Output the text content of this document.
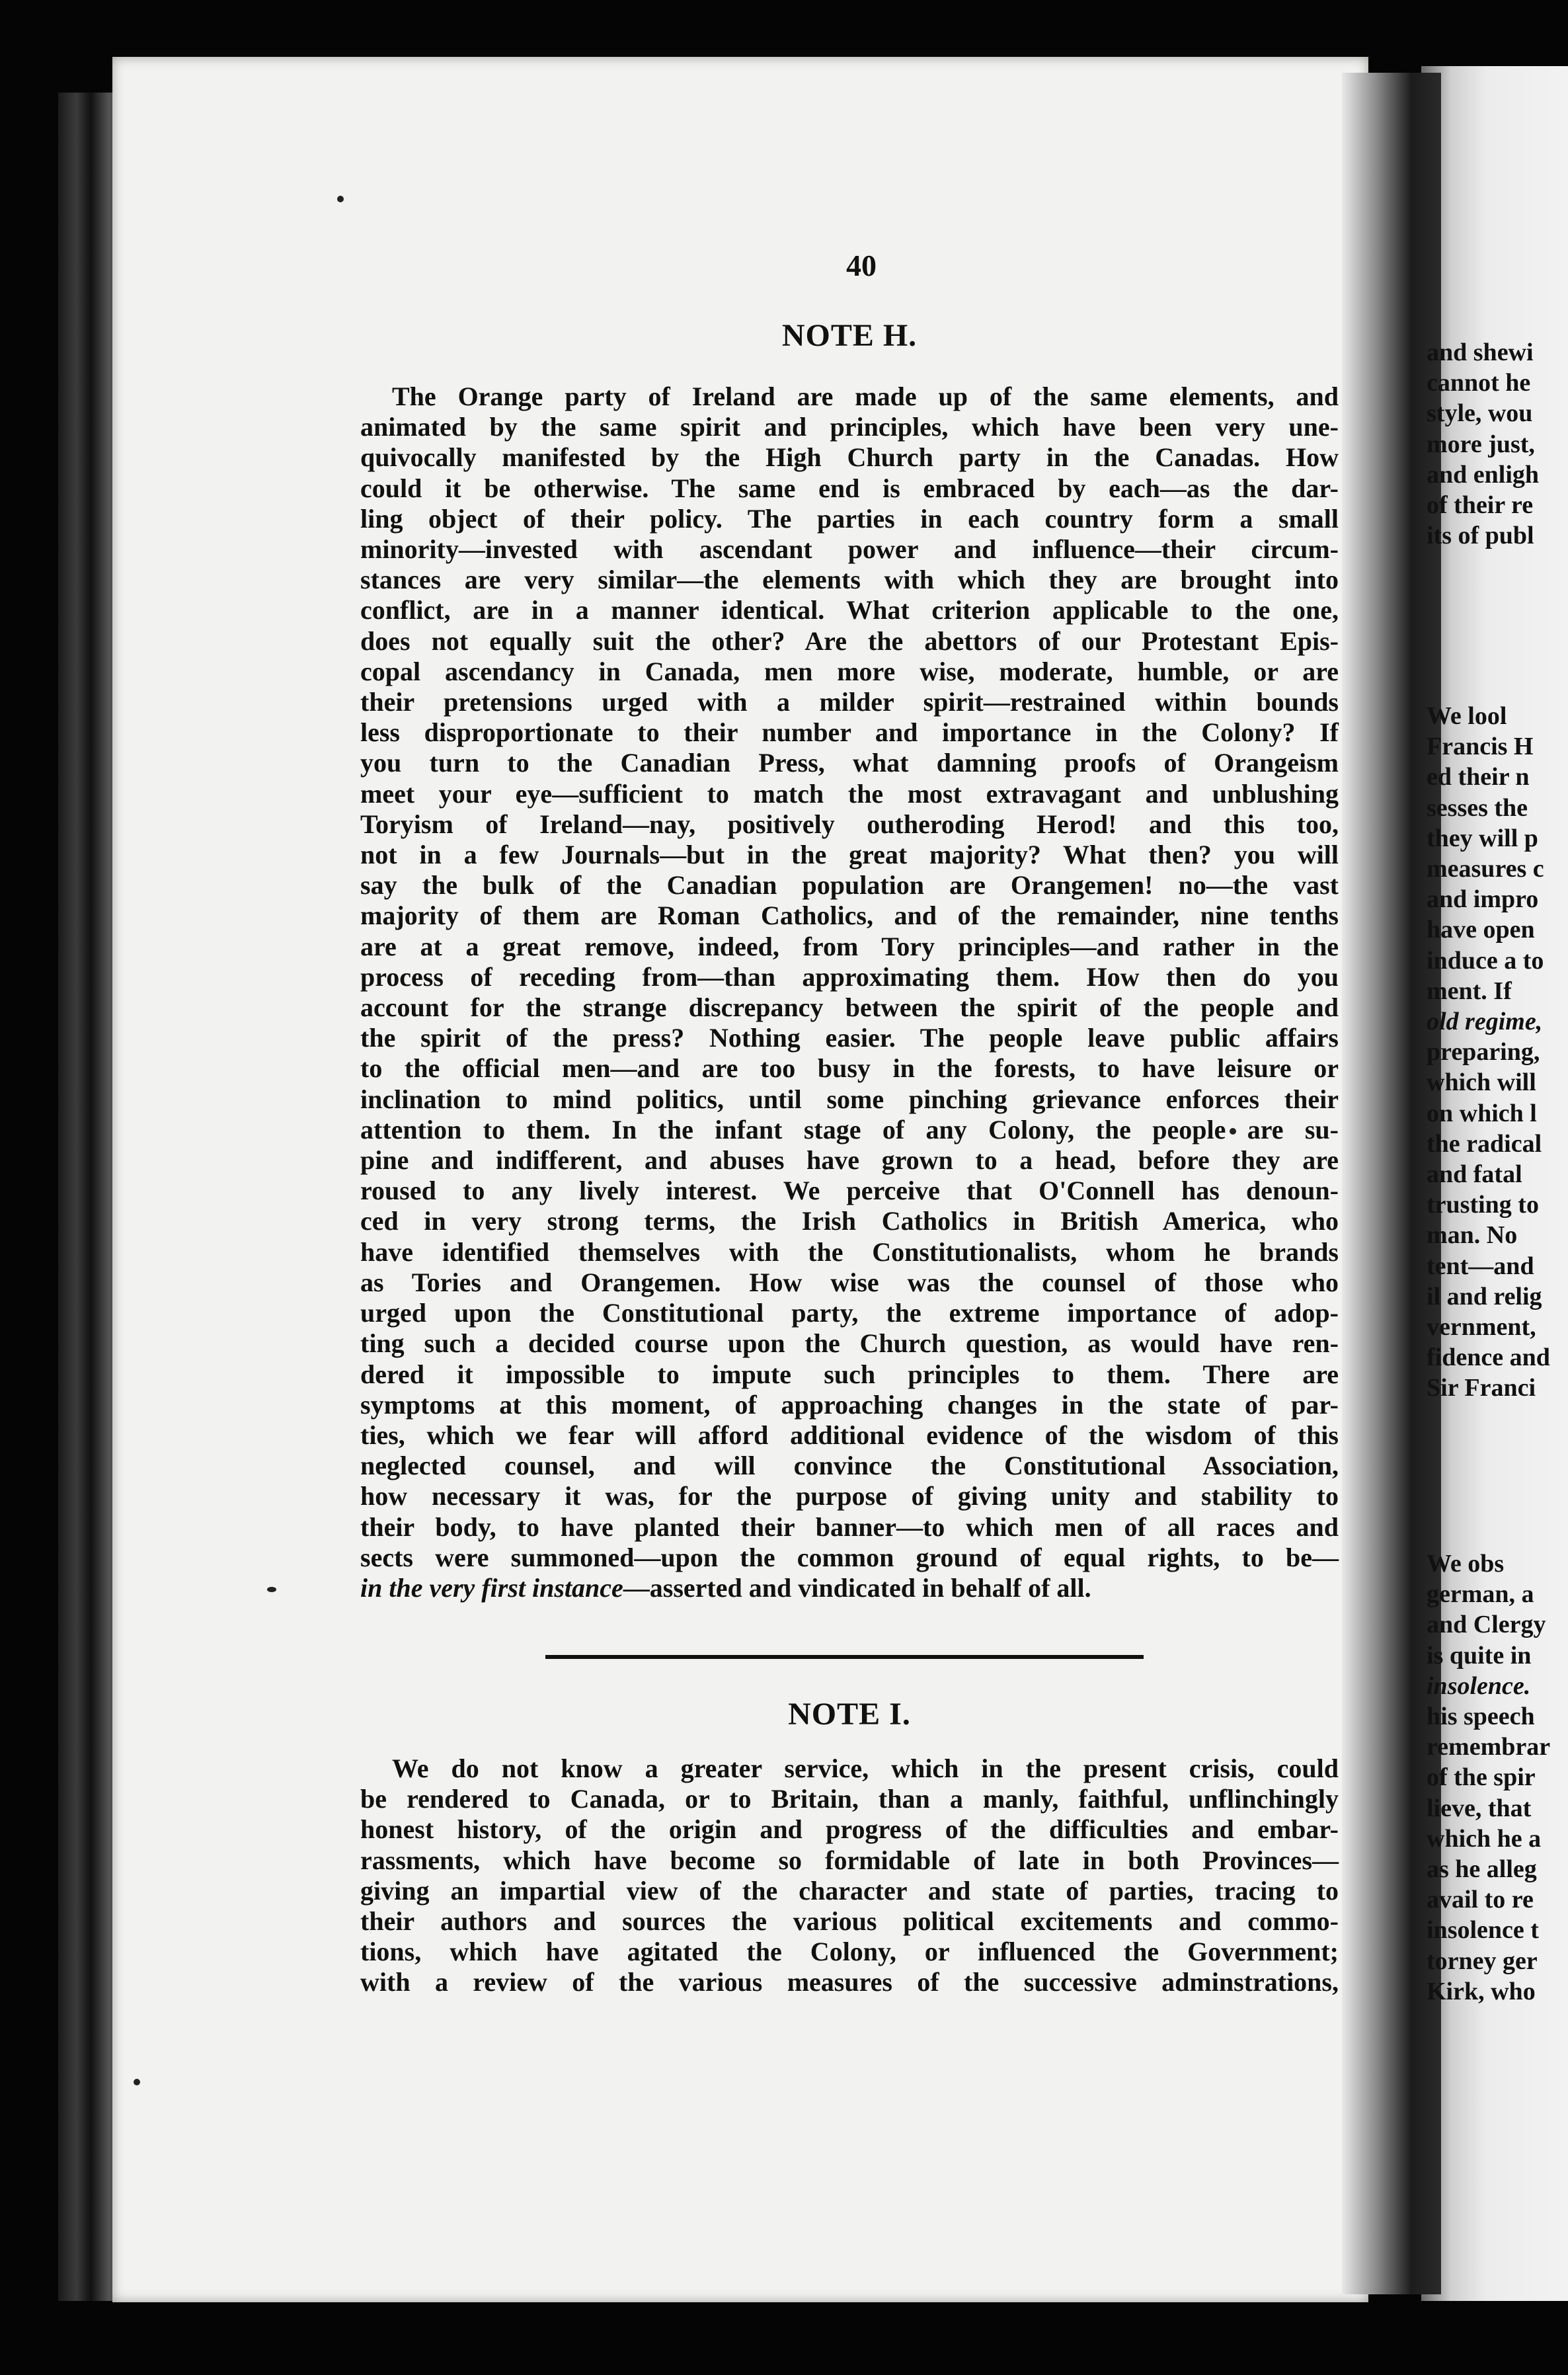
40
NOTE H.
The Orange party of Ireland are made up of the same elements, and
animated by the same spirit and principles, which have been very une-
quivocally manifested by the High Church party in the Canadas. How
could it be otherwise. The same end is embraced by each—as the dar-
ling object of their policy. The parties in each country form a small
minority—invested with ascendant power and influence—their circum-
stances are very similar—the elements with which they are brought into
conflict, are in a manner identical. What criterion applicable to the one,
does not equally suit the other? Are the abettors of our Protestant Epis-
copal ascendancy in Canada, men more wise, moderate, humble, or are
their pretensions urged with a milder spirit—restrained within bounds
less disproportionate to their number and importance in the Colony? If
you turn to the Canadian Press, what damning proofs of Orangeism
meet your eye—sufficient to match the most extravagant and unblushing
Toryism of Ireland—nay, positively outheroding Herod! and this too,
not in a few Journals—but in the great majority? What then? you will
say the bulk of the Canadian population are Orangemen! no—the vast
majority of them are Roman Catholics, and of the remainder, nine tenths
are at a great remove, indeed, from Tory principles—and rather in the
process of receding from—than approximating them. How then do you
account for the strange discrepancy between the spirit of the people and
the spirit of the press? Nothing easier. The people leave public affairs
to the official men—and are too busy in the forests, to have leisure or
inclination to mind politics, until some pinching grievance enforces their
attention to them. In the infant stage of any Colony, the people are su-
pine and indifferent, and abuses have grown to a head, before they are
roused to any lively interest. We perceive that O'Connell has denoun-
ced in very strong terms, the Irish Catholics in British America, who
have identified themselves with the Constitutionalists, whom he brands
as Tories and Orangemen. How wise was the counsel of those who
urged upon the Constitutional party, the extreme importance of adop-
ting such a decided course upon the Church question, as would have ren-
dered it impossible to impute such principles to them. There are
symptoms at this moment, of approaching changes in the state of par-
ties, which we fear will afford additional evidence of the wisdom of this
neglected counsel, and will convince the Constitutional Association,
how necessary it was, for the purpose of giving unity and stability to
their body, to have planted their banner—to which men of all races and
sects were summoned—upon the common ground of equal rights, to be—
in the very first instance—asserted and vindicated in behalf of all.
NOTE I.
We do not know a greater service, which in the present crisis, could
be rendered to Canada, or to Britain, than a manly, faithful, unflinchingly
honest history, of the origin and progress of the difficulties and embar-
rassments, which have become so formidable of late in both Provinces—
giving an impartial view of the character and state of parties, tracing to
their authors and sources the various political excitements and commo-
tions, which have agitated the Colony, or influenced the Government;
with a review of the various measures of the successive adminstrations,
and shewi
cannot he
style, wou
more just,
and enligh
of their re
its of publ
We lool
Francis H
ed their n
sesses the
they will p
measures c
and impro
have open
induce a to
ment. If
old regime,
preparing,
which will
on which l
the radical
and fatal
trusting to
man. No
tent—and
il and relig
vernment,
fidence and
Sir Franci
We obs
german, a
and Clergy
is quite in
insolence.
his speech
remembrar
of the spir
lieve, that
which he a
as he alleg
avail to re
insolence t
torney ger
Kirk, who
